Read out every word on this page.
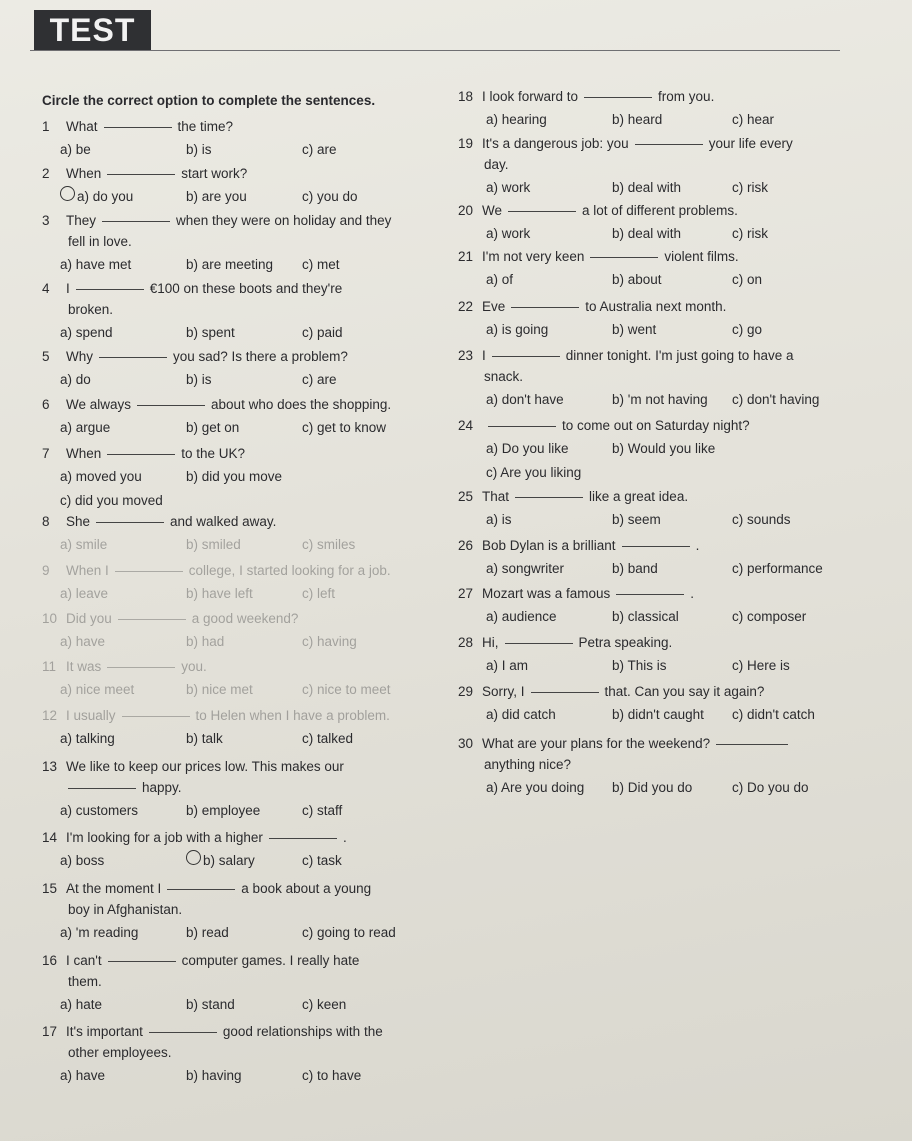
TEST
Circle the correct option to complete the sentences.
1 What	the time?
a) be	b) is	c) are
2 When	start work?
a) do you	b) are you	c) you do
3 They	when they were on holiday and they
fell in love.
a) have met	b) are meeting c) met
4 I	€100 on these boots and they're
broken.
a) spend	b) spent	c) paid
5 Why	you sad? Is there a problem?
a) do	b) is	c) are
6 We always	about who does the shopping.
a) argue	b) get on	c) get to know
7 When	to the UK?
a) moved you	b) did you move
c) did you moved
8 She	and walked away.
a) smile	b) smiled	c) smiles
9 When I	college, I started looking for a job.
a) leave	b) have left	c) left
10 Did you	a good weekend?
a) have	b) had	c) having
11 It was	you.
a) nice meet	b) nice met	c) nice to meet
12 I usually	to Helen when I have a problem.
a) talking	b) talk	c) talked
13 We like to keep our prices low. This makes our
happy.
a) customers	b) employee	c) staff
14 I'm looking for a job with a higher	.
a) boss	b) salary	c) task
15 At the moment I	a book about a young
boy in Afghanistan.
a) 'm reading	b) read	c) going to read
16 I can't	computer games. I really hate
them.
a) hate	b) stand	c) keen
17 It's important	good relationships with the
other employees.
a) have	b) having	c) to have
18 I look forward to	from you.
a) hearing	b) heard	c) hear
19 It's a dangerous job: you	your life every
day.
a) work	b) deal with	c) risk
20 We	a lot of different problems.
a) work	b) deal with	c) risk
21 I'm not very keen	violent films.
a) of	b) about	c) on
22 Eve	to Australia next month.
a) is going	b) went	c) go
23 I	dinner tonight. I'm just going to have a
snack.
a) don't have	b) 'm not having c) don't having
24	to come out on Saturday night?
a) Do you like	b) Would you like
c) Are you liking
25 That	like a great idea.
a) is	b) seem	c) sounds
26 Bob Dylan is a brilliant	.
a) songwriter	b) band	c) performance
27 Mozart was a famous	.
a) audience	b) classical	c) composer
28 Hi,	Petra speaking.
a) I am	b) This is	c) Here is
29 Sorry, I	that. Can you say it again?
a) did catch	b) didn't caught c) didn't catch
30 What are your plans for the weekend?
anything nice?
a) Are you doing b) Did you do	c) Do you do
